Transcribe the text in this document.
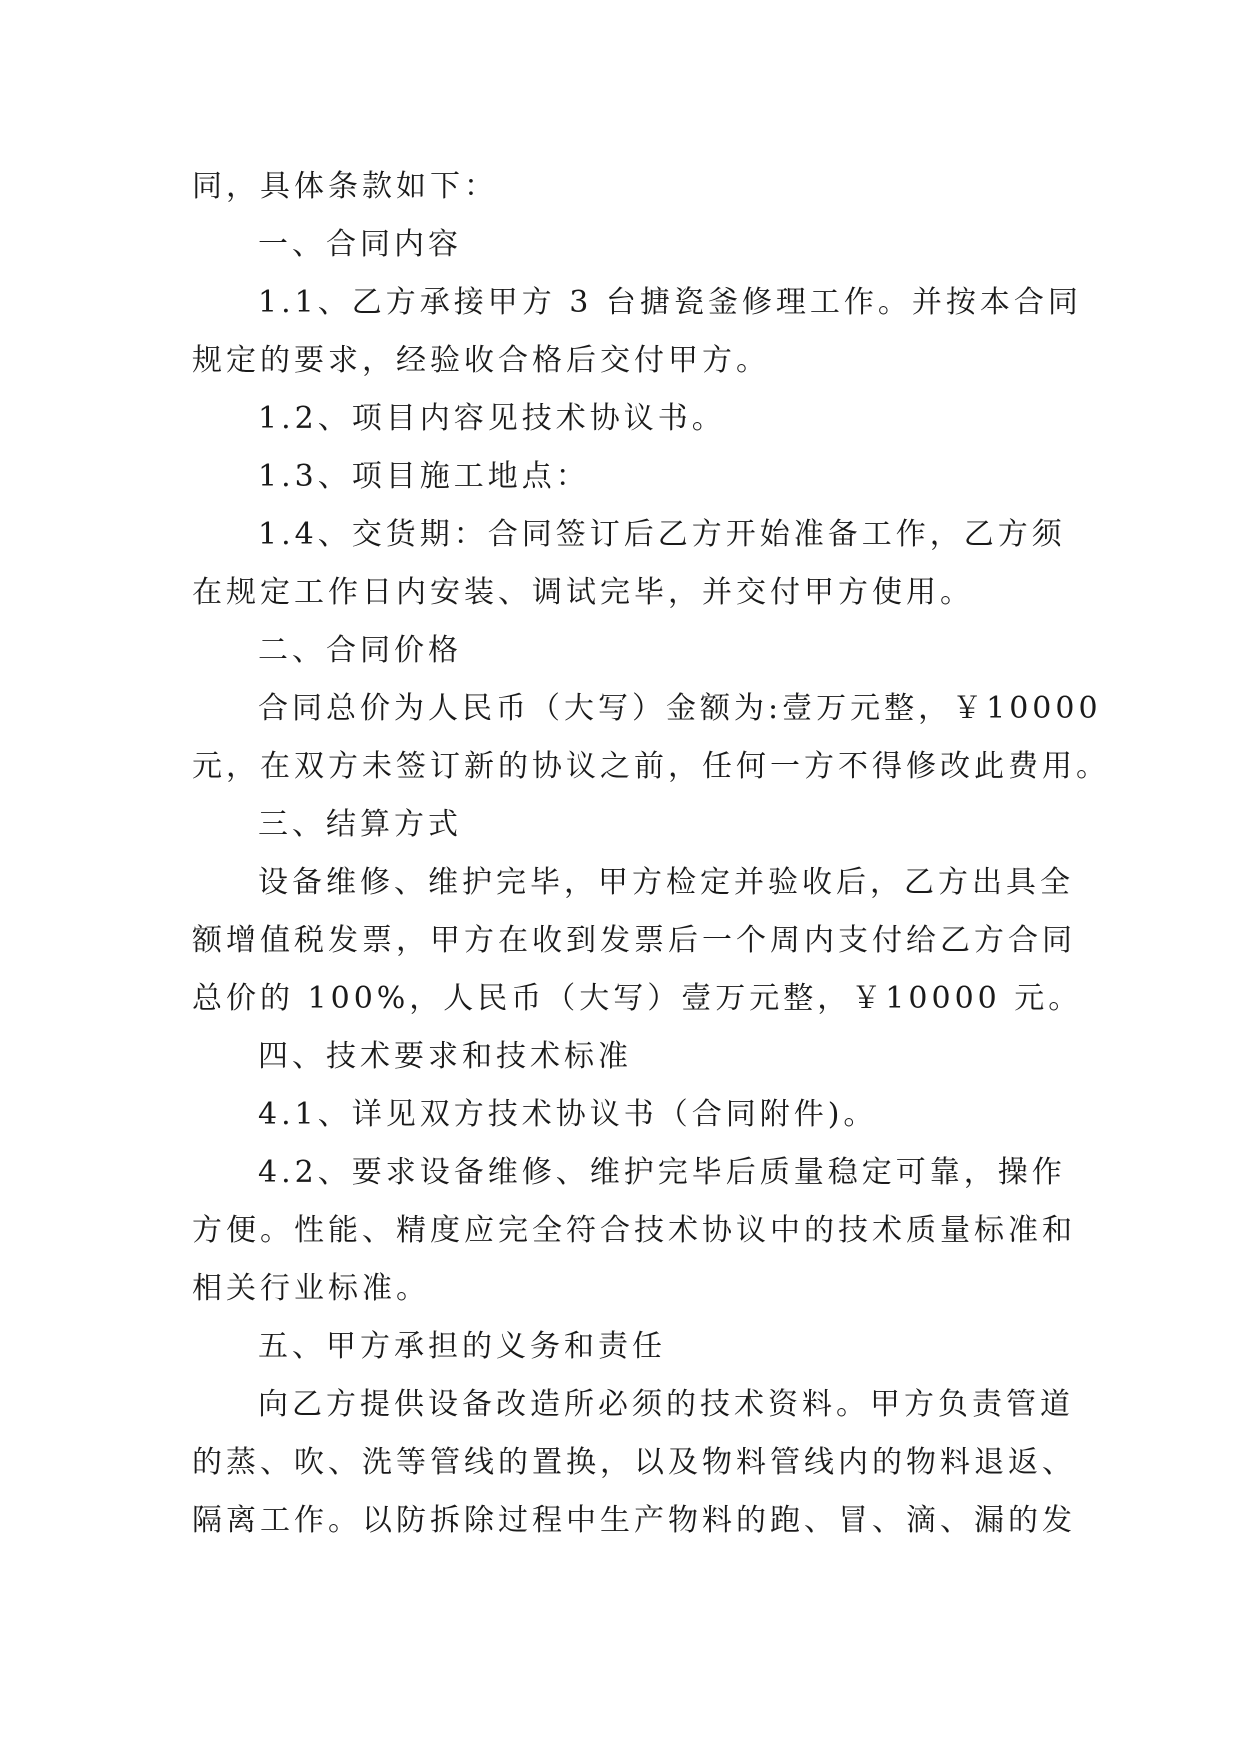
同，具体条款如下：
一、合同内容
1.1、乙方承接甲方 3 台搪瓷釜修理工作。并按本合同
规定的要求，经验收合格后交付甲方。
1.2、项目内容见技术协议书。
1.3、项目施工地点：
1.4、交货期：合同签订后乙方开始准备工作，乙方须
在规定工作日内安装、调试完毕，并交付甲方使用。
二、合同价格
合同总价为人民币（大写）金额为:壹万元整，￥10000
元，在双方未签订新的协议之前，任何一方不得修改此费用。
三、结算方式
设备维修、维护完毕，甲方检定并验收后，乙方出具全
额增值税发票，甲方在收到发票后一个周内支付给乙方合同
总价的 100%，人民币（大写）壹万元整，￥10000 元。
四、技术要求和技术标准
4.1、详见双方技术协议书（合同附件)。
4.2、要求设备维修、维护完毕后质量稳定可靠，操作
方便。性能、精度应完全符合技术协议中的技术质量标准和
相关行业标准。
五、甲方承担的义务和责任
向乙方提供设备改造所必须的技术资料。甲方负责管道
的蒸、吹、洗等管线的置换，以及物料管线内的物料退返、
隔离工作。以防拆除过程中生产物料的跑、冒、滴、漏的发
